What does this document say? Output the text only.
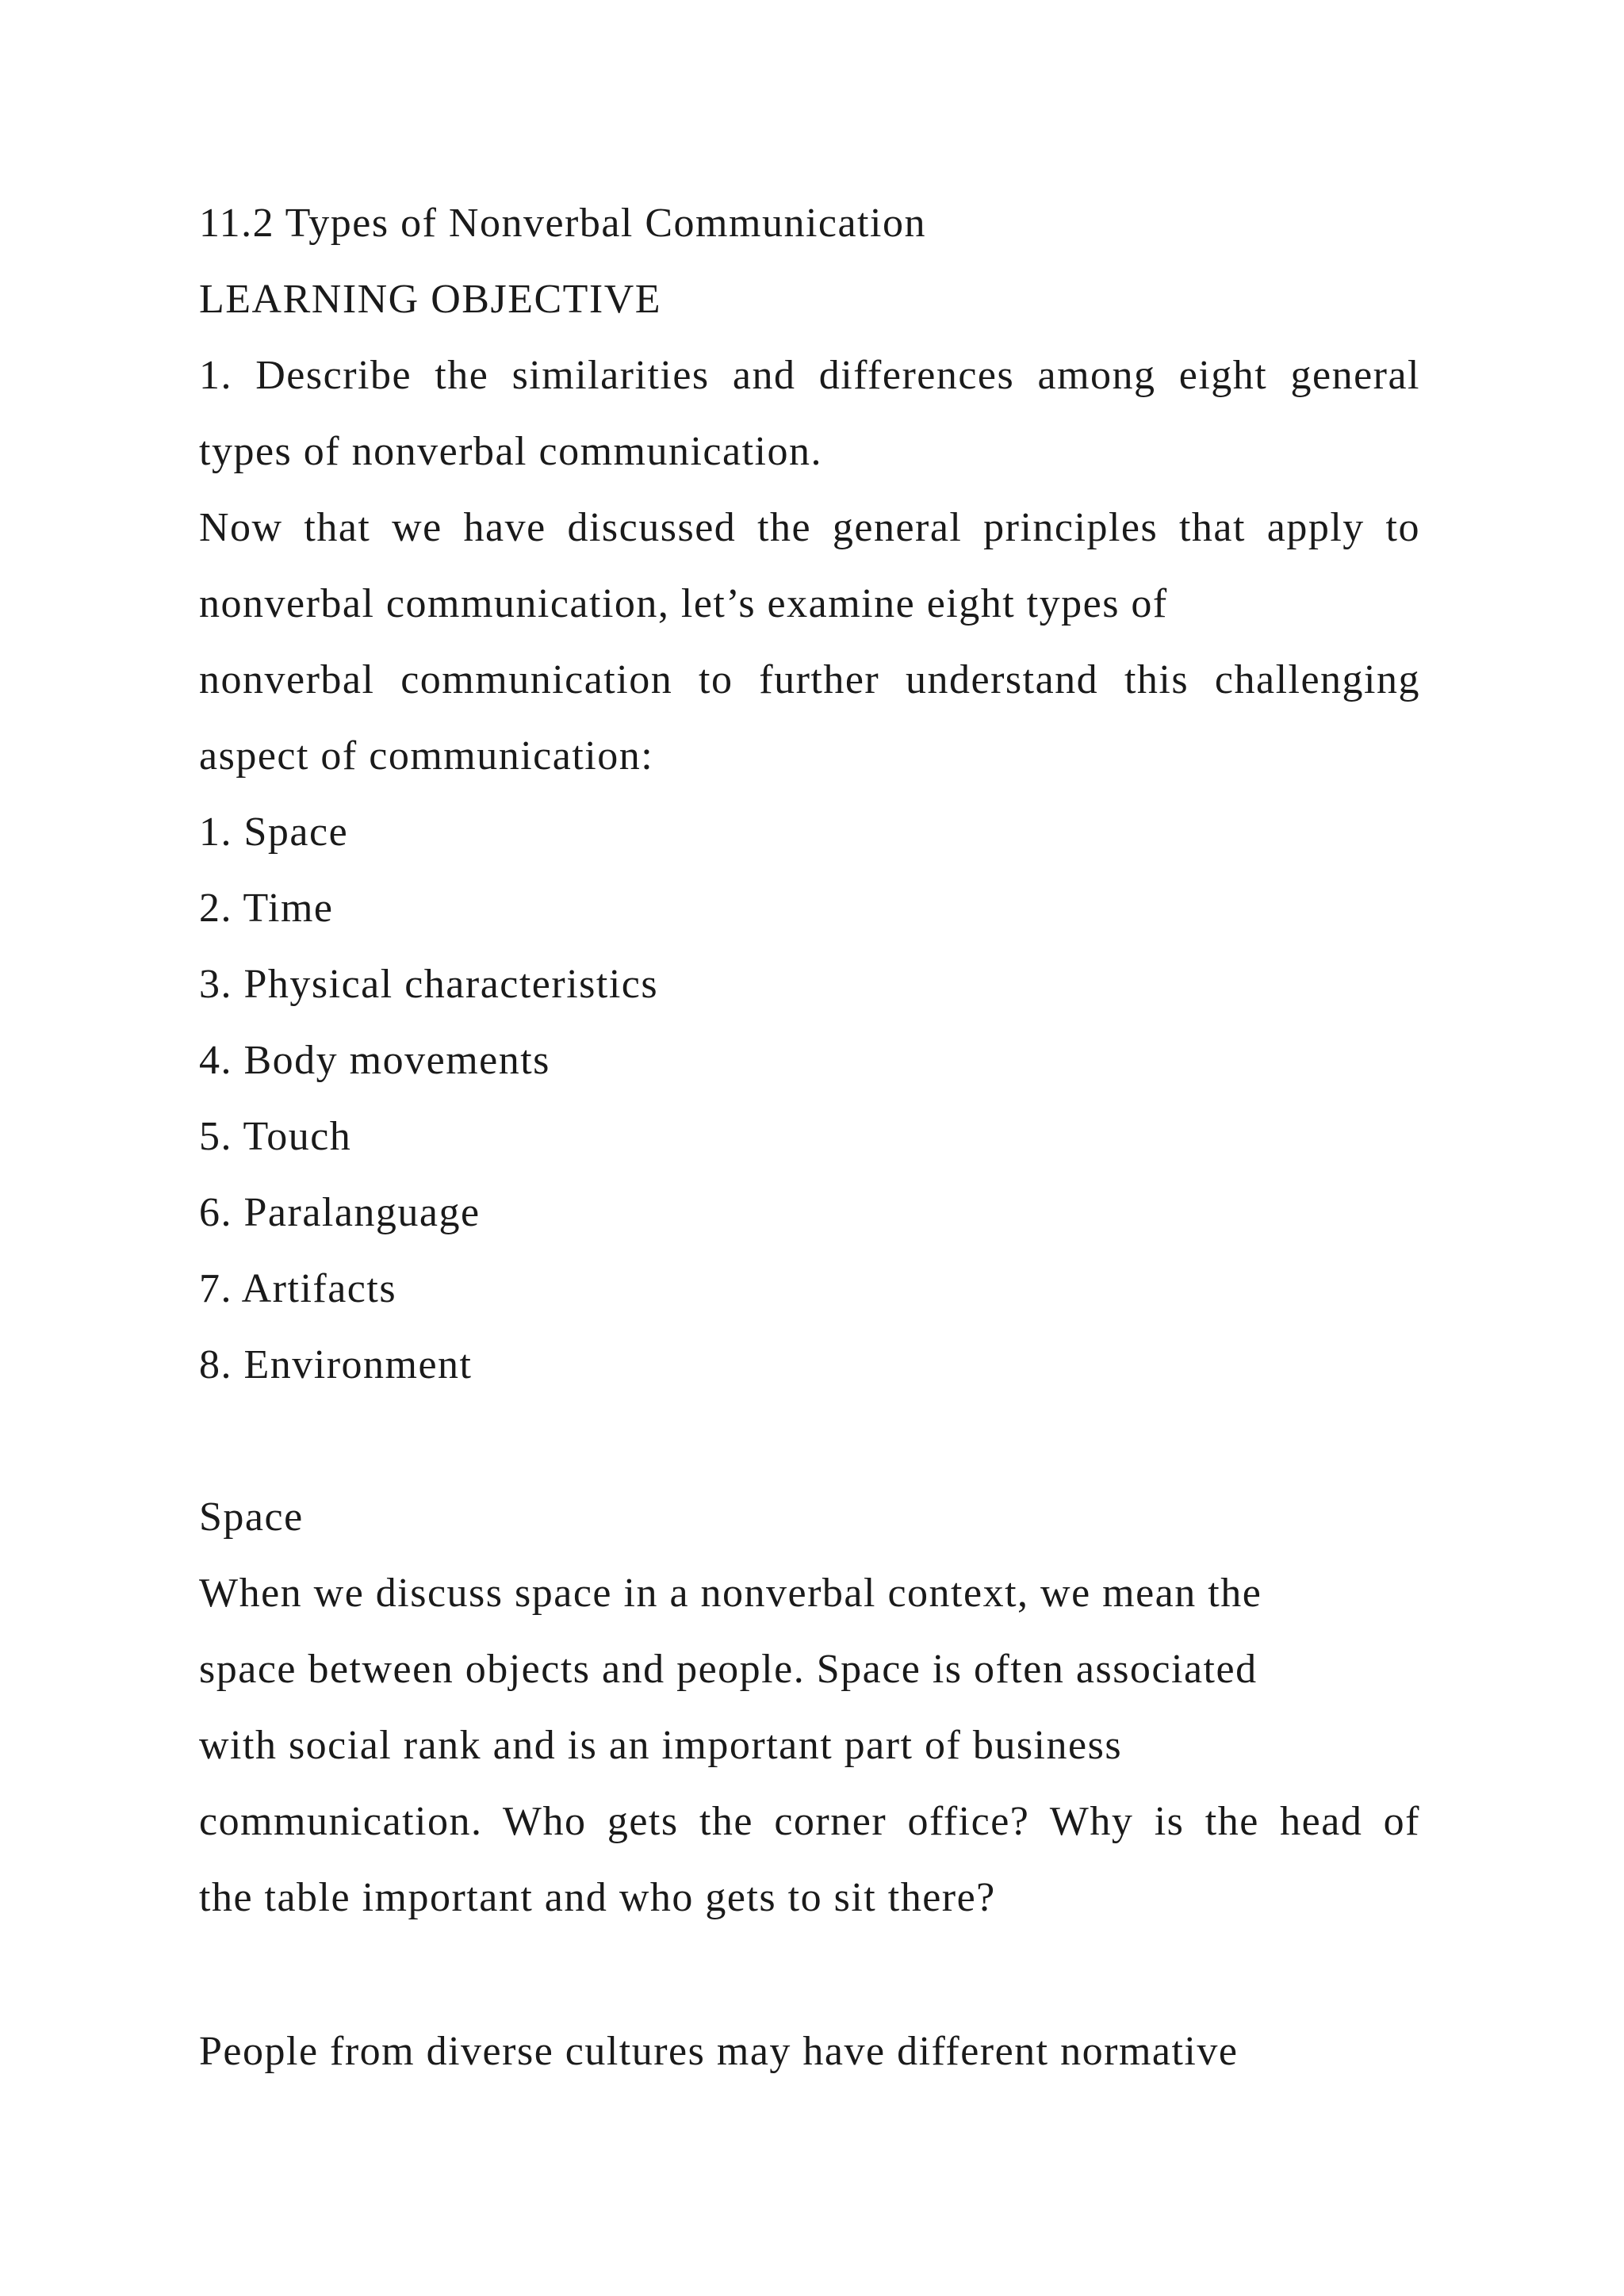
11.2 Types of Nonverbal Communication

LEARNING OBJECTIVE

1. Describe the similarities and differences among eight general

types of nonverbal communication.

Now that we have discussed the general principles that apply to

nonverbal communication, let’s examine eight types of

nonverbal communication to further understand this challenging

aspect of communication:

1. Space

2. Time

3. Physical characteristics

4. Body movements

5. Touch

6. Paralanguage

7. Artifacts

8. Environment

Space

When we discuss space in a nonverbal context, we mean the

space between objects and people. Space is often associated

with social rank and is an important part of business

communication. Who gets the corner office? Why is the head of

the table important and who gets to sit there?

People from diverse cultures may have different normative
